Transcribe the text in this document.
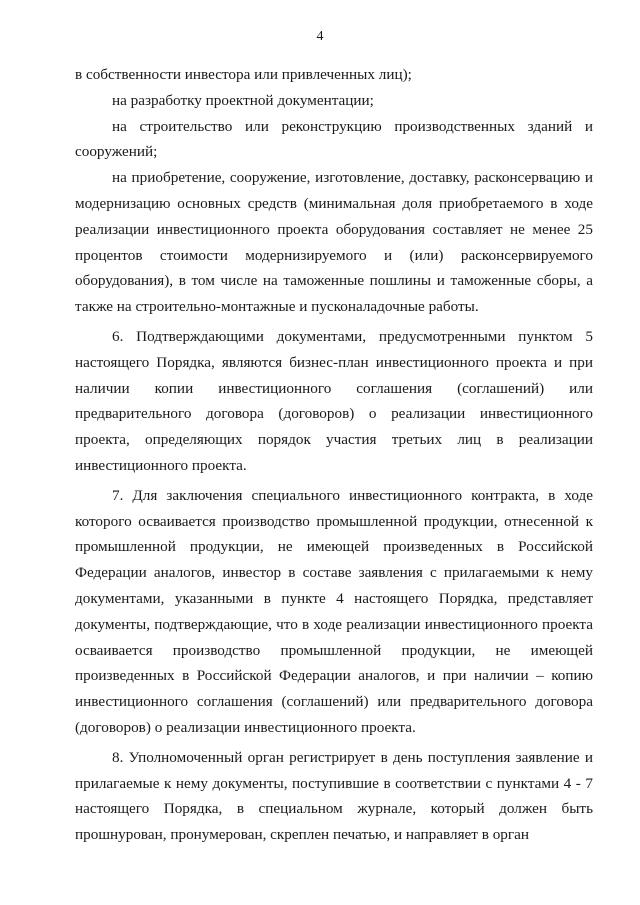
4

в собственности инвестора или привлеченных лиц);

на разработку проектной документации;

на строительство или реконструкцию производственных зданий и сооружений;

на приобретение, сооружение, изготовление, доставку, расконсервацию и модернизацию основных средств (минимальная доля приобретаемого в ходе реализации инвестиционного проекта оборудования составляет не менее 25 процентов стоимости модернизируемого и (или) расконсервируемого оборудования), в том числе на таможенные пошлины и таможенные сборы, а также на строительно-монтажные и пусконаладочные работы.

6. Подтверждающими документами, предусмотренными пунктом 5 настоящего Порядка, являются бизнес-план инвестиционного проекта и при наличии копии инвестиционного соглашения (соглашений) или предварительного договора (договоров) о реализации инвестиционного проекта, определяющих порядок участия третьих лиц в реализации инвестиционного проекта.

7. Для заключения специального инвестиционного контракта, в ходе которого осваивается производство промышленной продукции, отнесенной к промышленной продукции, не имеющей произведенных в Российской Федерации аналогов, инвестор в составе заявления с прилагаемыми к нему документами, указанными в пункте 4 настоящего Порядка, представляет документы, подтверждающие, что в ходе реализации инвестиционного проекта осваивается производство промышленной продукции, не имеющей произведенных в Российской Федерации аналогов, и при наличии – копию инвестиционного соглашения (соглашений) или предварительного договора (договоров) о реализации инвестиционного проекта.

8. Уполномоченный орган регистрирует в день поступления заявление и прилагаемые к нему документы, поступившие в соответствии с пунктами 4 - 7 настоящего Порядка, в специальном журнале, который должен быть прошнурован, пронумерован, скреплен печатью, и направляет в орган
